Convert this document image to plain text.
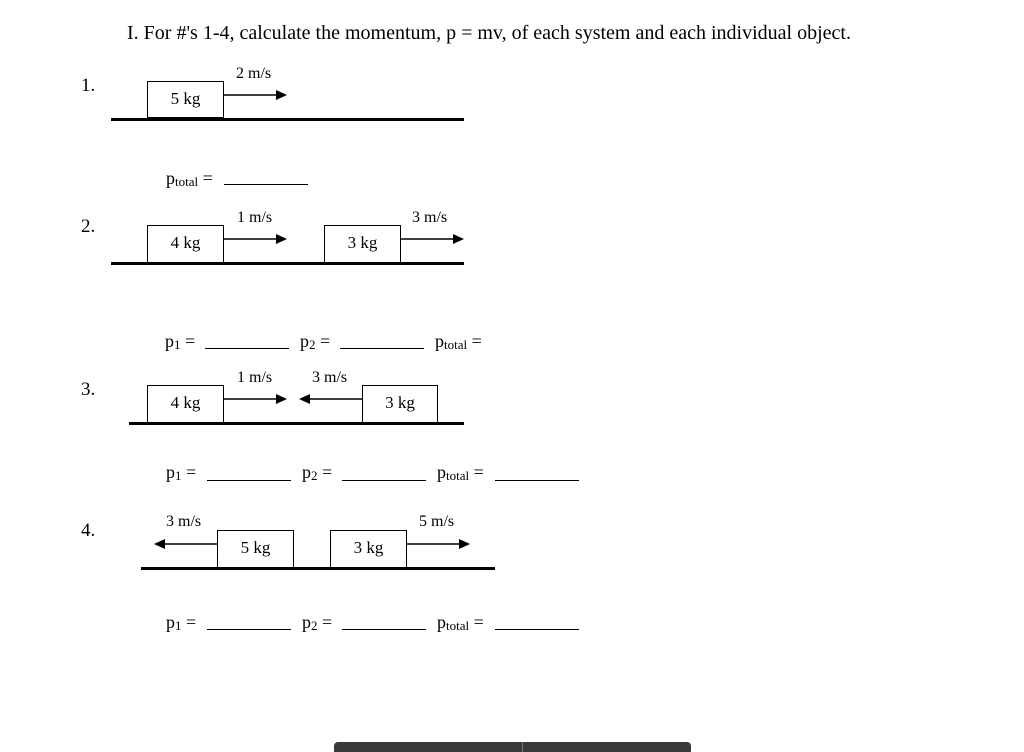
I. For #'s 1-4, calculate the momentum, p = mv, of each system and each individual object.
1.
2 m/s
5 kg
$p_{total}$ =
2.	1 m/s	3 m/s
4 kg	3 kg
$p_1$ =	$p_2$ =	$p_{total}$ =
3.
1 m/s 3 m/s
4 kg	3 kg
$p_1$ =	$p_2$ =	$p_{total}$ =
4.	3 m/s	5 m/s
5 kg	3 kg
$p_1$ =	$p_2$ =	$p_{total}$ =
